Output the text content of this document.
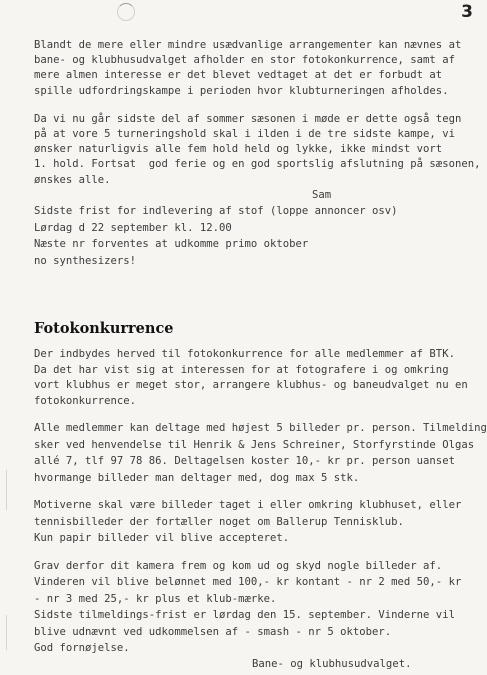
3

Blandt de mere eller mindre usædvanlige arrangementer kan nævnes at
bane- og klubhusudvalget afholder en stor fotokonkurrence, samt af
mere almen interesse er det blevet vedtaget at det er forbudt at
spille udfordringskampe i perioden hvor klubturneringen afholdes.

Da vi nu går sidste del af sommer sæsonen i møde er dette også tegn
på at vore 5 turneringshold skal i ilden i de tre sidste kampe, vi
ønsker naturligvis alle fem hold held og lykke, ikke mindst vort
1. hold. Fortsat  god ferie og en god sportslig afslutning på sæsonen,
ønskes alle.

Sam

Sidste frist for indlevering af stof (loppe annoncer osv)
Lørdag d 22 september kl. 12.00
Næste nr forventes at udkomme primo oktober
no synthesizers!

Fotokonkurrence

Der indbydes herved til fotokonkurrence for alle medlemmer af BTK.
Da det har vist sig at interessen for at fotografere i og omkring
vort klubhus er meget stor, arrangere klubhus- og baneudvalget nu en
fotokonkurrence.

Alle medlemmer kan deltage med højest 5 billeder pr. person. Tilmelding
sker ved henvendelse til Henrik & Jens Schreiner, Storfyrstinde Olgas
allé 7, tlf 97 78 86. Deltagelsen koster 10,- kr pr. person uanset
hvormange billeder man deltager med, dog max 5 stk.

Motiverne skal være billeder taget i eller omkring klubhuset, eller
tennisbilleder der fortæller noget om Ballerup Tennisklub.
Kun papir billeder vil blive accepteret.

Grav derfor dit kamera frem og kom ud og skyd nogle billeder af.
Vinderen vil blive belønnet med 100,- kr kontant - nr 2 med 50,- kr
- nr 3 med 25,- kr plus et klub-mærke.
Sidste tilmeldings-frist er lørdag den 15. september. Vinderne vil
blive udnævnt ved udkommelsen af - smash - nr 5 oktober.
God fornøjelse.

Bane- og klubhusudvalget.
